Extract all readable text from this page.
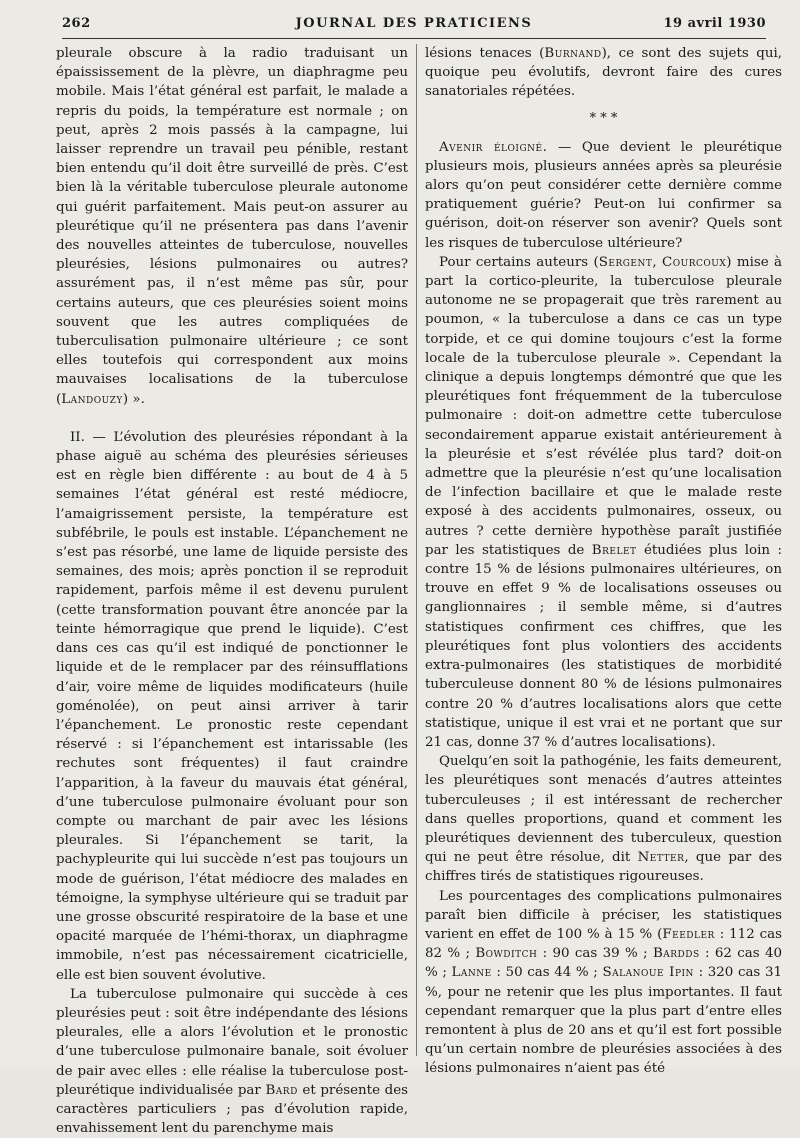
262	JOURNAL DES PRATICIENS	19 avril 1930

pleurale obscure à la radio traduisant un épaississement de la plèvre, un diaphragme peu mobile. Mais l’état général est parfait, le malade a repris du poids, la température est normale ; on peut, après 2 mois passés à la campagne, lui laisser reprendre un travail peu pénible, restant bien entendu qu’il doit être surveillé de près. C’est bien là la véritable tuberculose pleurale autonome qui guérit parfaitement. Mais peut-on assurer au pleurétique qu’il ne présentera pas dans l’avenir des nouvelles atteintes de tuberculose, nouvelles pleurésies, lésions pulmonaires ou autres? assurément pas, il n’est même pas sûr, pour certains auteurs, que ces pleurésies soient moins souvent que les autres compliquées de tuberculisation pulmonaire ultérieure ; ce sont elles toutefois qui correspondent aux moins mauvaises localisations de la tuberculose (Landouzy) ».

II. — L’évolution des pleurésies répondant à la phase aiguë au schéma des pleurésies sérieuses est en règle bien différente : au bout de 4 à 5 semaines l’état général est resté médiocre, l’amaigrissement persiste, la température est subfébrile, le pouls est instable. L’épanchement ne s’est pas résorbé, une lame de liquide persiste des semaines, des mois; après ponction il se reproduit rapidement, parfois même il est devenu purulent (cette transformation pouvant être anoncée par la teinte hémorragique que prend le liquide). C’est dans ces cas qu’il est indiqué de ponctionner le liquide et de le remplacer par des réinsufflations d’air, voire même de liquides modificateurs (huile goménolée), on peut ainsi arriver à tarir l’épanchement. Le pronostic reste cependant réservé : si l’épanchement est intarissable (les rechutes sont fréquentes) il faut craindre l’apparition, à la faveur du mauvais état général, d’une tuberculose pulmonaire évoluant pour son compte ou marchant de pair avec les lésions pleurales. Si l’épanchement se tarit, la pachypleurite qui lui succède n’est pas toujours un mode de guérison, l’état médiocre des malades en témoigne, la symphyse ultérieure qui se traduit par une grosse obscurité respiratoire de la base et une opacité marquée de l’hémi-thorax, un diaphragme immobile, n’est pas nécessairement cicatricielle, elle est bien souvent évolutive.

La tuberculose pulmonaire qui succède à ces pleurésies peut : soit être indépendante des lésions pleurales, elle a alors l’évolution et le pronostic d’une tuberculose pulmonaire banale, soit évoluer de pair avec elles : elle réalise la tuberculose post-pleurétique individualisée par Bard et présente des caractères particuliers ; pas d’évolution rapide, envahissement lent du parenchyme mais

lésions tenaces (Burnand), ce sont des sujets qui, quoique peu évolutifs, devront faire des cures sanatoriales répétées.

* * *

Avenir éloigné. — Que devient le pleurétique plusieurs mois, plusieurs années après sa pleurésie alors qu’on peut considérer cette dernière comme pratiquement guérie? Peut-on lui confirmer sa guérison, doit-on réserver son avenir? Quels sont les risques de tuberculose ultérieure?

Pour certains auteurs (Sergent, Courcoux) mise à part la cortico-pleurite, la tuberculose pleurale autonome ne se propagerait que très rarement au poumon, « la tuberculose a dans ce cas un type torpide, et ce qui domine toujours c’est la forme locale de la tuberculose pleurale ». Cependant la clinique a depuis longtemps démontré que que les pleurétiques font fréquemment de la tuberculose pulmonaire : doit-on admettre cette tuberculose secondairement apparue existait antérieurement à la pleurésie et s’est révélée plus tard? doit-on admettre que la pleurésie n’est qu’une localisation de l’infection bacillaire et que le malade reste exposé à des accidents pulmonaires, osseux, ou autres ? cette dernière hypothèse paraît justifiée par les statistiques de Brelet étudiées plus loin : contre 15 % de lésions pulmonaires ultérieures, on trouve en effet 9 % de localisations osseuses ou ganglionnaires ; il semble même, si d’autres statistiques confirment ces chiffres, que les pleurétiques font plus volontiers des accidents extra-pulmonaires (les statistiques de morbidité tuberculeuse donnent 80 % de lésions pulmonaires contre 20 % d’autres localisations alors que cette statistique, unique il est vrai et ne portant que sur 21 cas, donne 37 % d’autres localisations).

Quelqu’en soit la pathogénie, les faits demeurent, les pleurétiques sont menacés d’autres atteintes tuberculeuses ; il est intéressant de rechercher dans quelles proportions, quand et comment les pleurétiques deviennent des tuberculeux, question qui ne peut être résolue, dit Netter, que par des chiffres tirés de statistiques rigoureuses.

Les pourcentages des complications pulmonaires paraît bien difficile à préciser, les statistiques varient en effet de 100 % à 15 % (Feedler : 112 cas 82 % ; Bowditch : 90 cas 39 % ; Bardds : 62 cas 40 % ; Lanne : 50 cas 44 % ; Salanoue Ipin : 320 cas 31 %, pour ne retenir que les plus importantes. Il faut cependant remarquer que la plus part d’entre elles remontent à plus de 20 ans et qu’il est fort possible qu’un certain nombre de pleurésies associées à des lésions pulmonaires n’aient pas été
